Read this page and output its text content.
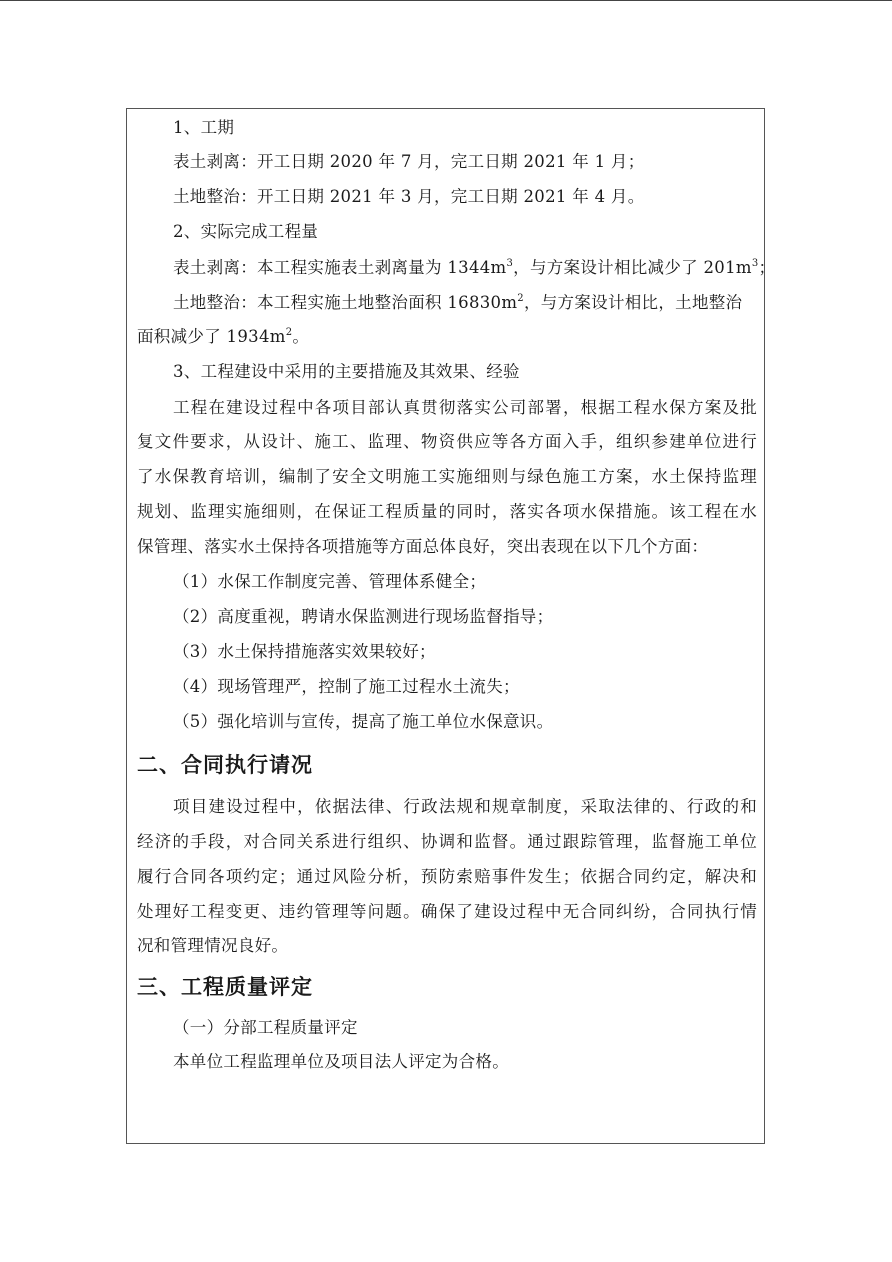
1、工期
表土剥离：开工日期 2020 年 7 月，完工日期 2021 年 1 月；
土地整治：开工日期 2021 年 3 月，完工日期 2021 年 4 月。
2、实际完成工程量
表土剥离：本工程实施表土剥离量为 $1344m^3$，与方案设计相比减少了 $201m^3$；
土地整治：本工程实施土地整治面积 $16830m^2$，与方案设计相比，土地整治
面积减少了 $1934m^2$。
3、工程建设中采用的主要措施及其效果、经验
工程在建设过程中各项目部认真贯彻落实公司部署，根据工程水保方案及批
复文件要求，从设计、施工、监理、物资供应等各方面入手，组织参建单位进行
了水保教育培训，编制了安全文明施工实施细则与绿色施工方案，水土保持监理
规划、监理实施细则，在保证工程质量的同时，落实各项水保措施。该工程在水
保管理、落实水土保持各项措施等方面总体良好，突出表现在以下几个方面：
（1）水保工作制度完善、管理体系健全；
（2）高度重视，聘请水保监测进行现场监督指导；
（3）水土保持措施落实效果较好；
（4）现场管理严，控制了施工过程水土流失；
（5）强化培训与宣传，提高了施工单位水保意识。
二、合同执行请况
项目建设过程中，依据法律、行政法规和规章制度，采取法律的、行政的和
经济的手段，对合同关系进行组织、协调和监督。通过跟踪管理，监督施工单位
履行合同各项约定；通过风险分析，预防索赔事件发生；依据合同约定，解决和
处理好工程变更、违约管理等问题。确保了建设过程中无合同纠纷，合同执行情
况和管理情况良好。
三、工程质量评定
（一）分部工程质量评定
本单位工程监理单位及项目法人评定为合格。
